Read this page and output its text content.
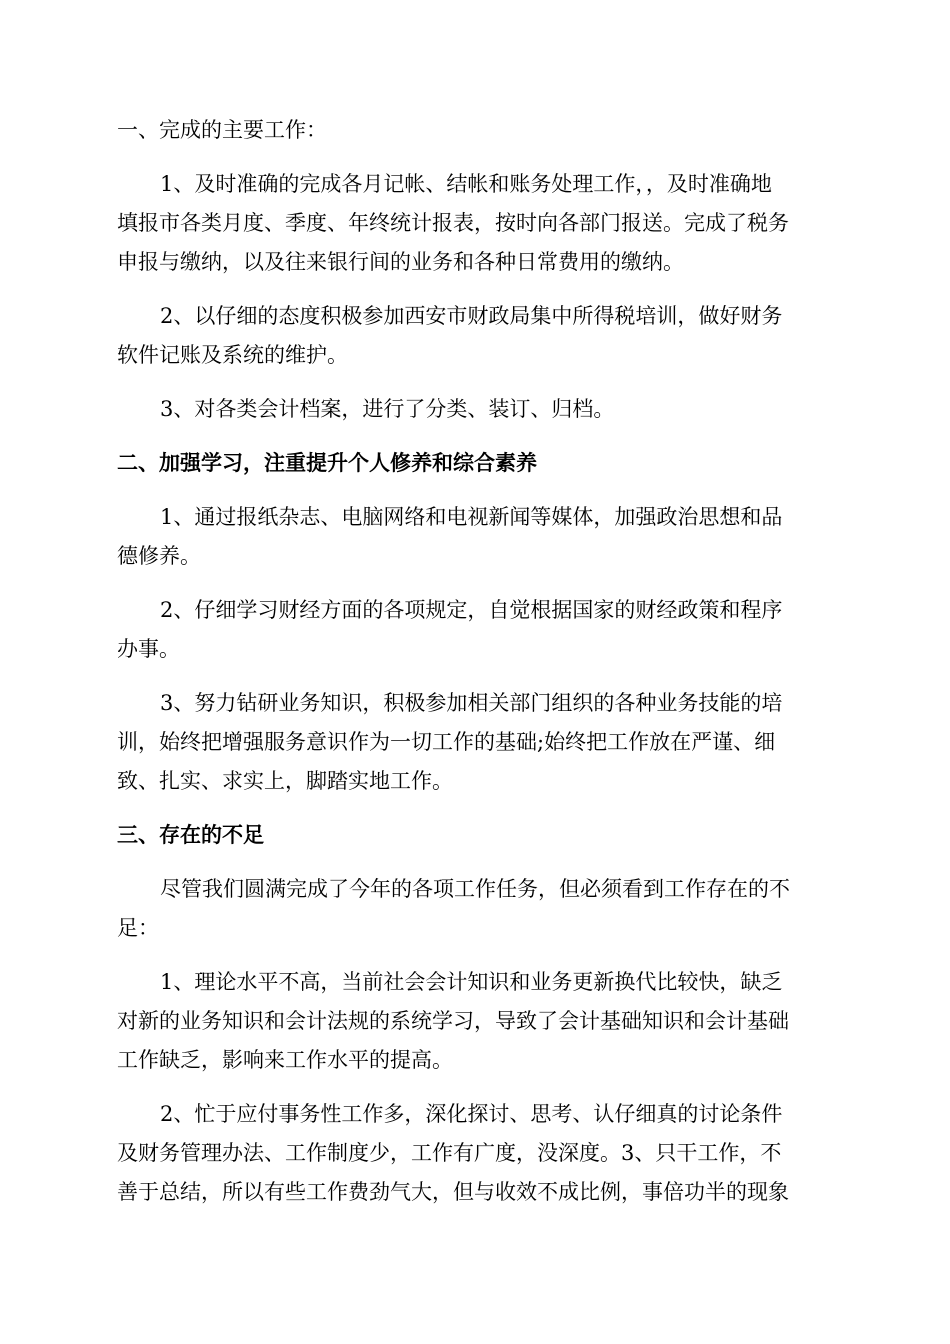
一、完成的主要工作：

1、及时准确的完成各月记帐、结帐和账务处理工作，，及时准确地

填报市各类月度、季度、年终统计报表，按时向各部门报送。完成了税务

申报与缴纳，以及往来银行间的业务和各种日常费用的缴纳。

2、以仔细的态度积极参加西安市财政局集中所得税培训，做好财务

软件记账及系统的维护。

3、对各类会计档案，进行了分类、装订、归档。

二、加强学习，注重提升个人修养和综合素养

1、通过报纸杂志、电脑网络和电视新闻等媒体，加强政治思想和品

德修养。

2、仔细学习财经方面的各项规定，自觉根据国家的财经政策和程序

办事。

3、努力钻研业务知识，积极参加相关部门组织的各种业务技能的培

训，始终把增强服务意识作为一切工作的基础;始终把工作放在严谨、细

致、扎实、求实上，脚踏实地工作。

三、存在的不足

尽管我们圆满完成了今年的各项工作任务，但必须看到工作存在的不

足：

1、理论水平不高，当前社会会计知识和业务更新换代比较快，缺乏

对新的业务知识和会计法规的系统学习，导致了会计基础知识和会计基础

工作缺乏，影响来工作水平的提高。

2、忙于应付事务性工作多，深化探讨、思考、认仔细真的讨论条件

及财务管理办法、工作制度少，工作有广度，没深度。3、只干工作，不

善于总结，所以有些工作费劲气大，但与收效不成比例，事倍功半的现象
